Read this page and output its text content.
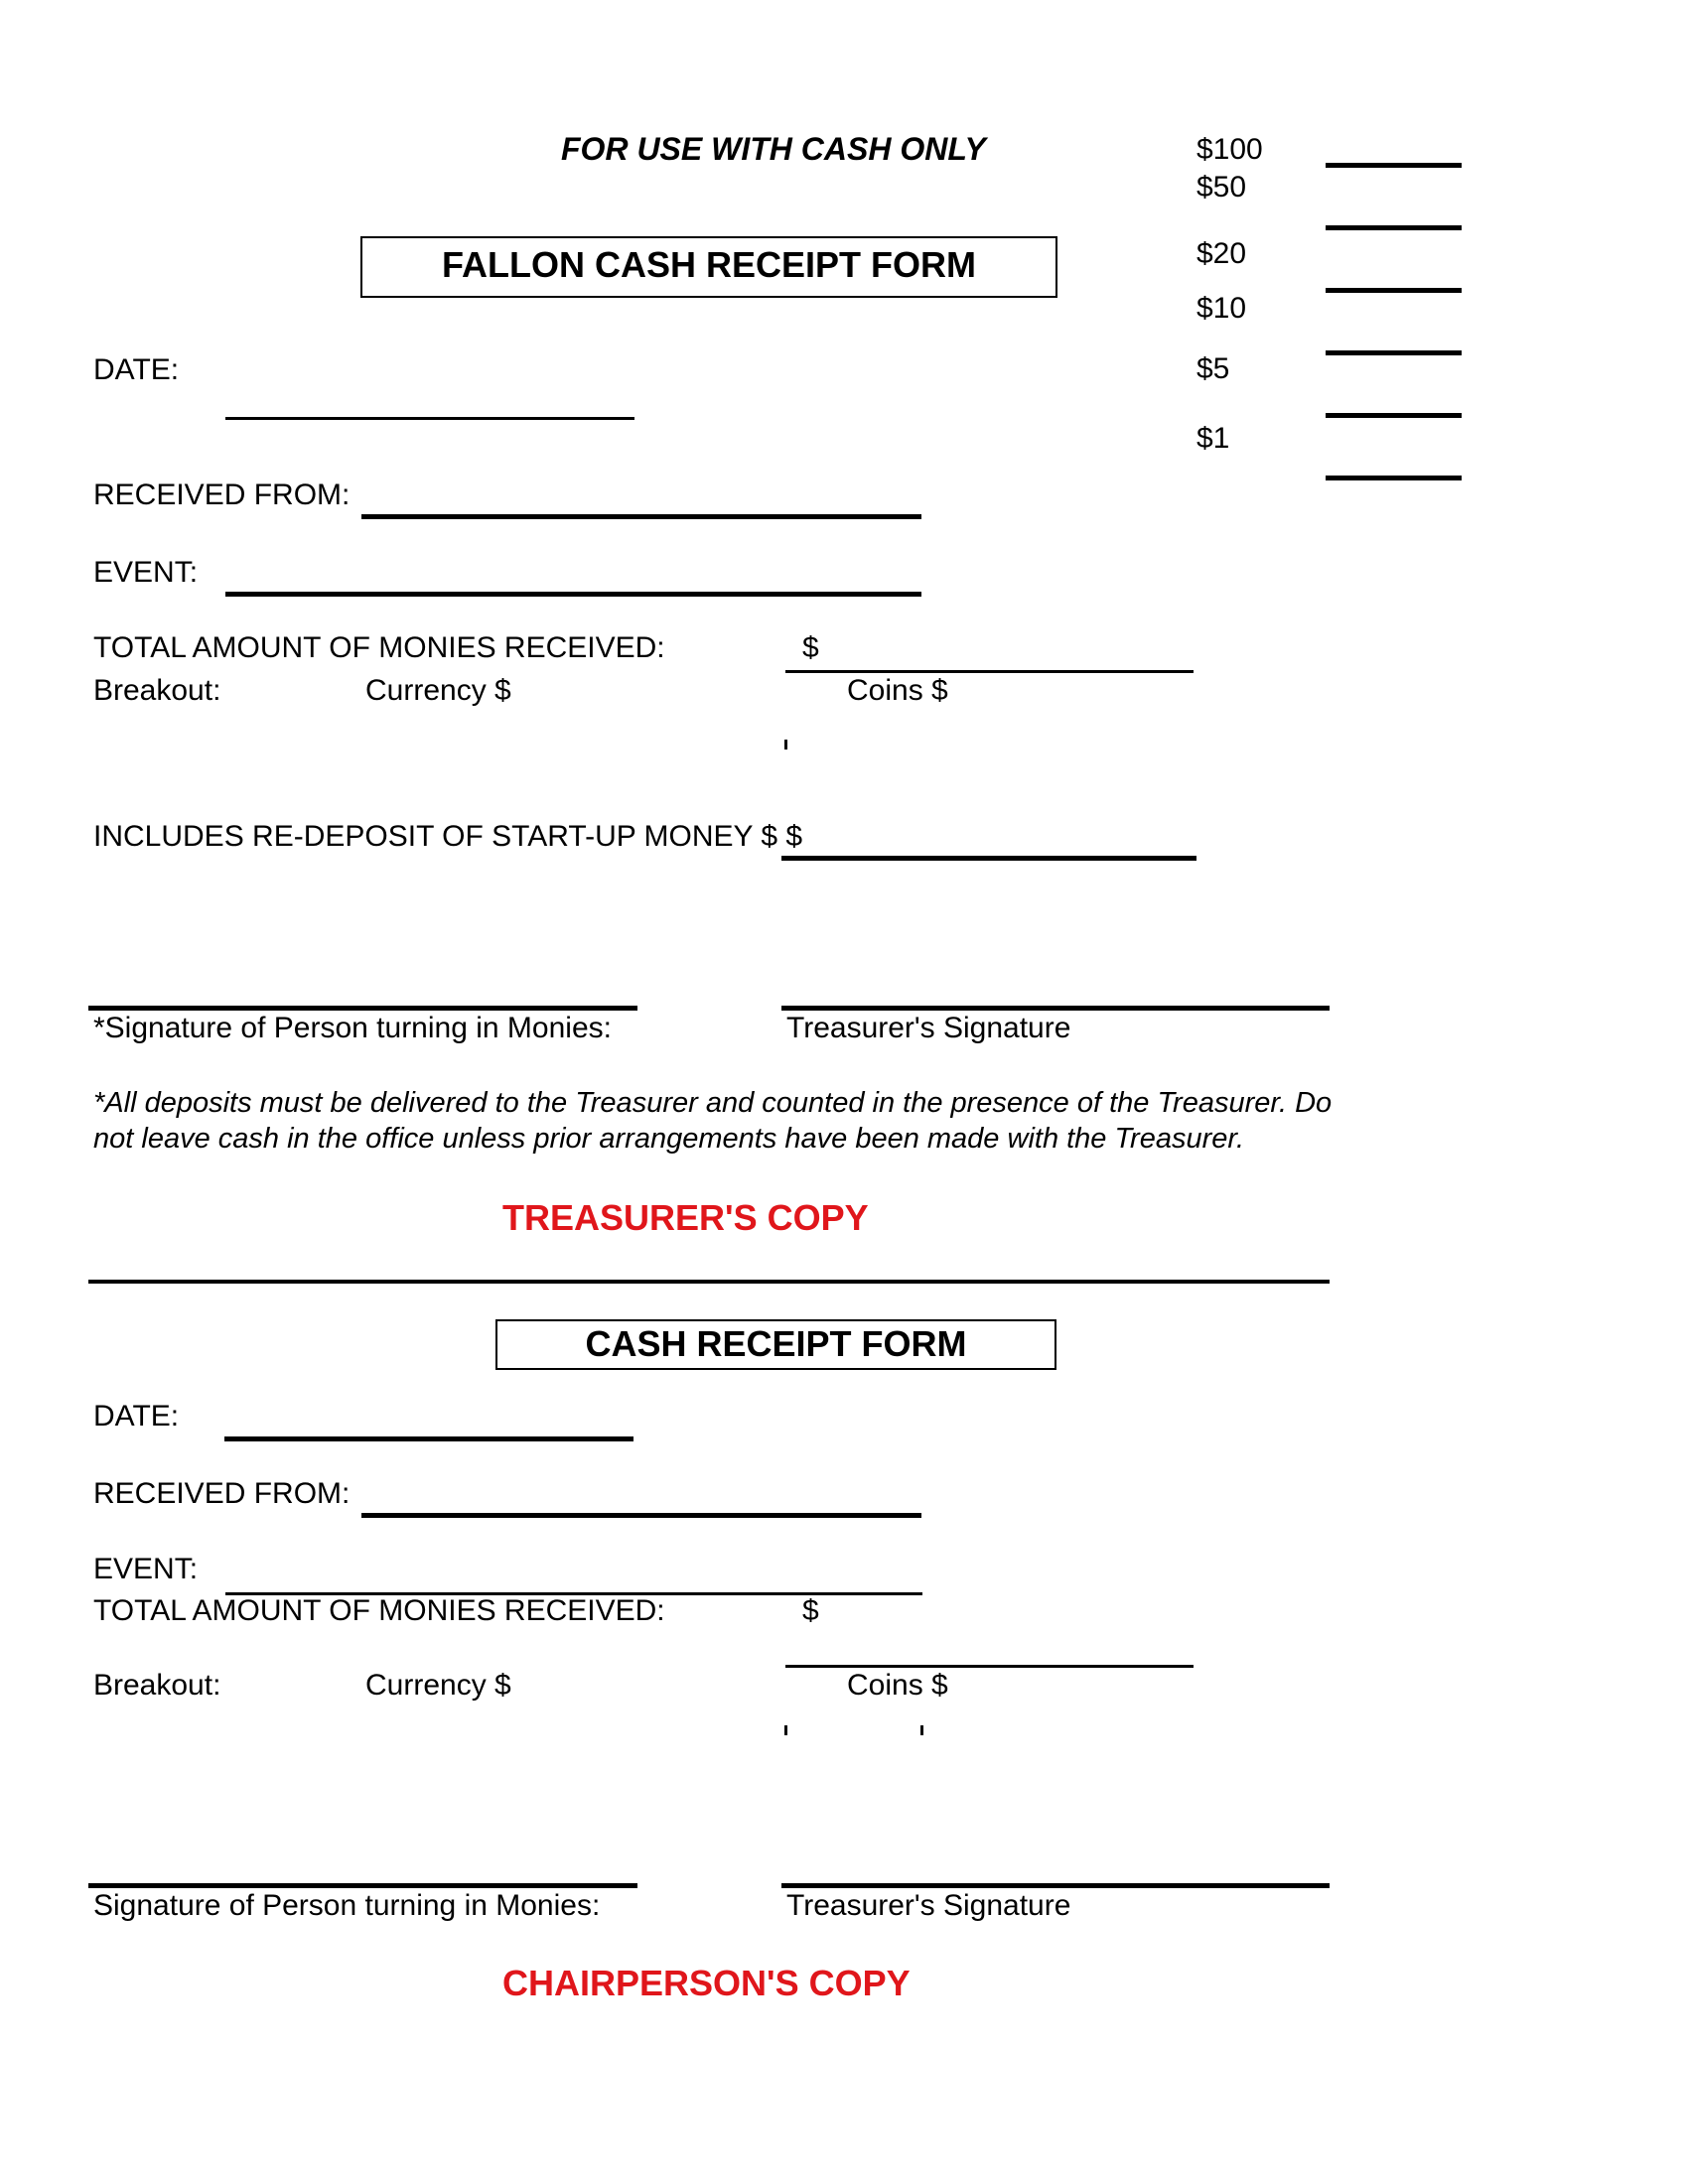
FOR USE WITH CASH ONLY	$100
$50
$20
$10
$5
$1
FALLON CASH RECEIPT FORM
DATE:
RECEIVED FROM:
EVENT:
TOTAL AMOUNT OF MONIES RECEIVED:	$
Breakout:	Currency $	Coins $
INCLUDES RE-DEPOSIT OF START-UP MONEY $ $
*Signature of Person turning in Monies:	Treasurer's Signature
*All deposits must be delivered to the Treasurer and counted in the presence of the Treasurer. Do not leave cash in the office unless prior arrangements have been made with the Treasurer.
TREASURER'S COPY
CASH RECEIPT FORM
DATE:
RECEIVED FROM:
EVENT:
TOTAL AMOUNT OF MONIES RECEIVED:	$
Breakout:	Currency $	Coins $
Signature of Person turning in Monies:	Treasurer's Signature
CHAIRPERSON'S COPY
